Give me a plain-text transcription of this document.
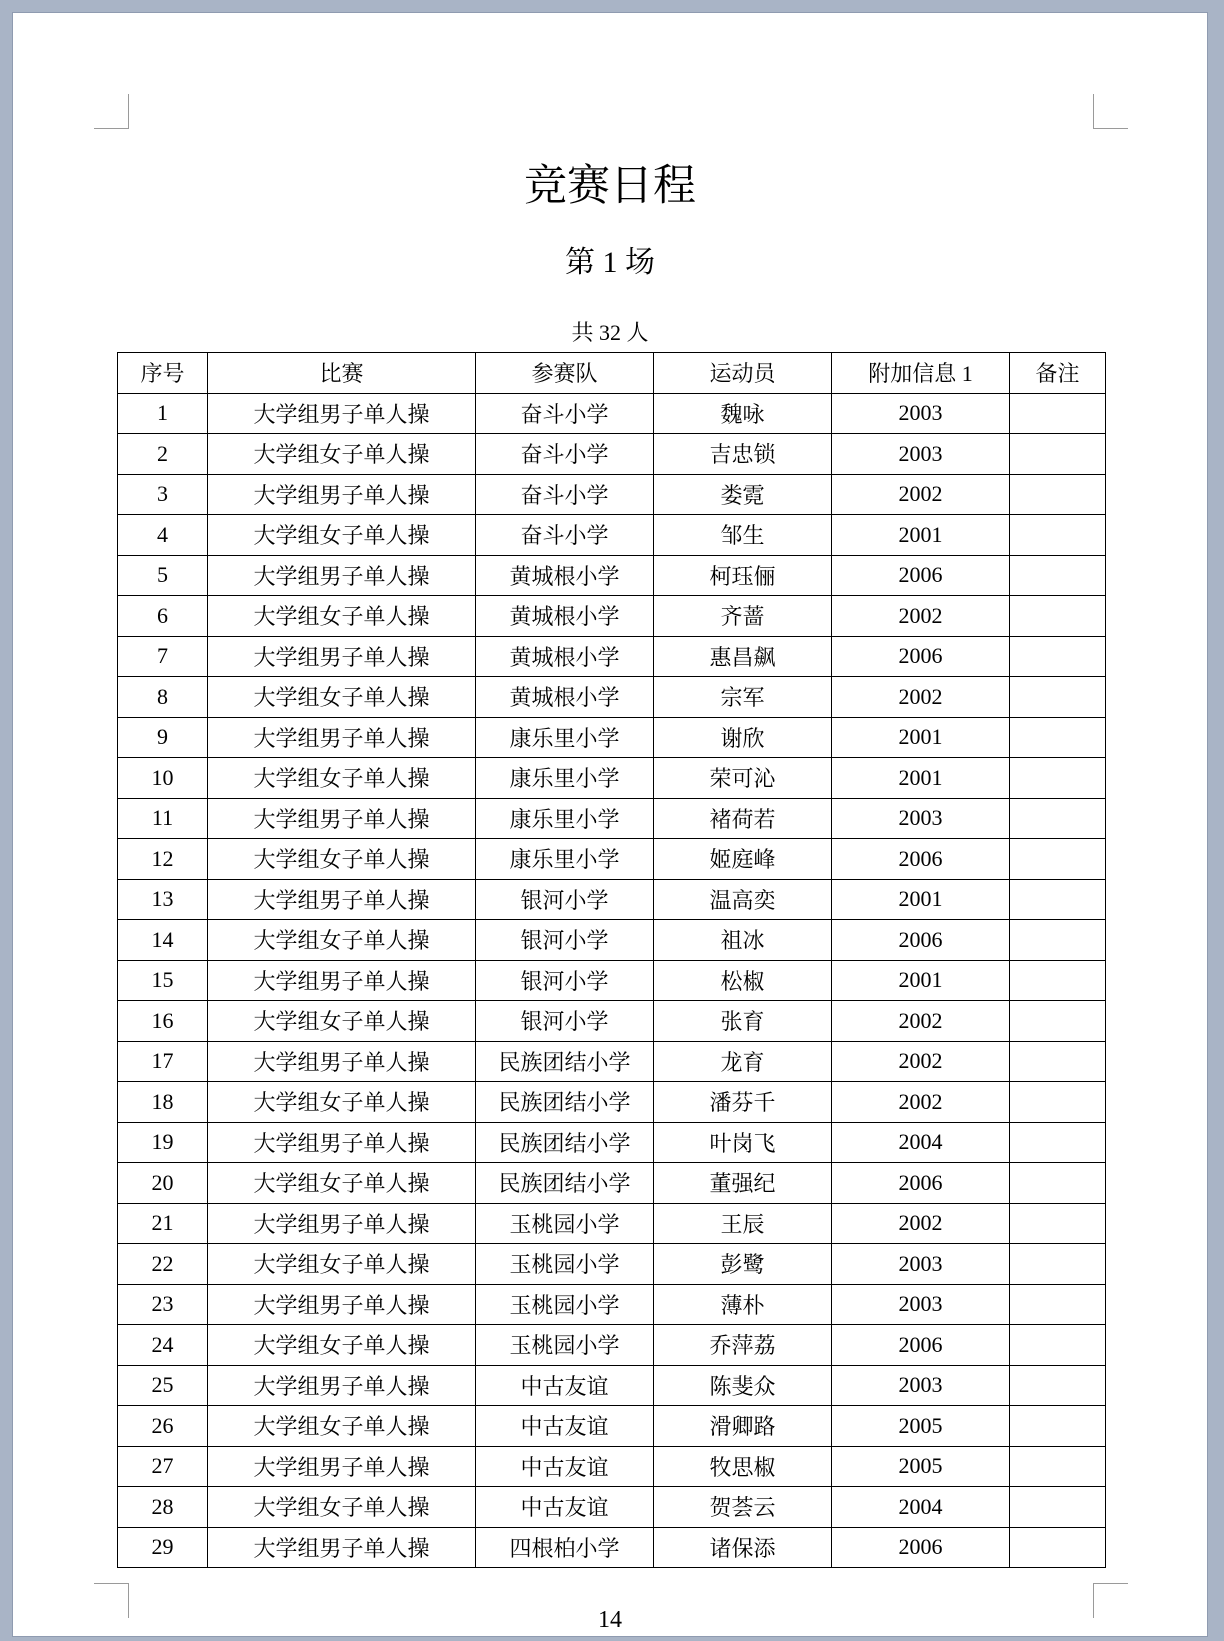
竞赛日程
第 1 场
共 32 人
序号	比赛	参赛队	运动员	附加信息 1	备注
1	大学组男子单人操	奋斗小学	魏咏	2003	
2	大学组女子单人操	奋斗小学	吉忠锁	2003	
3	大学组男子单人操	奋斗小学	娄霓	2002	
4	大学组女子单人操	奋斗小学	邹生	2001	
5	大学组男子单人操	黄城根小学	柯珏俪	2006	
6	大学组女子单人操	黄城根小学	齐蔷	2002	
7	大学组男子单人操	黄城根小学	惠昌飙	2006	
8	大学组女子单人操	黄城根小学	宗军	2002	
9	大学组男子单人操	康乐里小学	谢欣	2001	
10	大学组女子单人操	康乐里小学	荣可沁	2001	
11	大学组男子单人操	康乐里小学	褚荷若	2003	
12	大学组女子单人操	康乐里小学	姬庭峰	2006	
13	大学组男子单人操	银河小学	温高奕	2001	
14	大学组女子单人操	银河小学	祖冰	2006	
15	大学组男子单人操	银河小学	松椒	2001	
16	大学组女子单人操	银河小学	张育	2002	
17	大学组男子单人操	民族团结小学	龙育	2002	
18	大学组女子单人操	民族团结小学	潘芬千	2002	
19	大学组男子单人操	民族团结小学	叶岗飞	2004	
20	大学组女子单人操	民族团结小学	董强纪	2006	
21	大学组男子单人操	玉桃园小学	王辰	2002	
22	大学组女子单人操	玉桃园小学	彭鹭	2003	
23	大学组男子单人操	玉桃园小学	薄朴	2003	
24	大学组女子单人操	玉桃园小学	乔萍荔	2006	
25	大学组男子单人操	中古友谊	陈斐众	2003	
26	大学组女子单人操	中古友谊	滑卿路	2005	
27	大学组男子单人操	中古友谊	牧思椒	2005	
28	大学组女子单人操	中古友谊	贺荟云	2004	
29	大学组男子单人操	四根柏小学	诸保添	2006	
14
